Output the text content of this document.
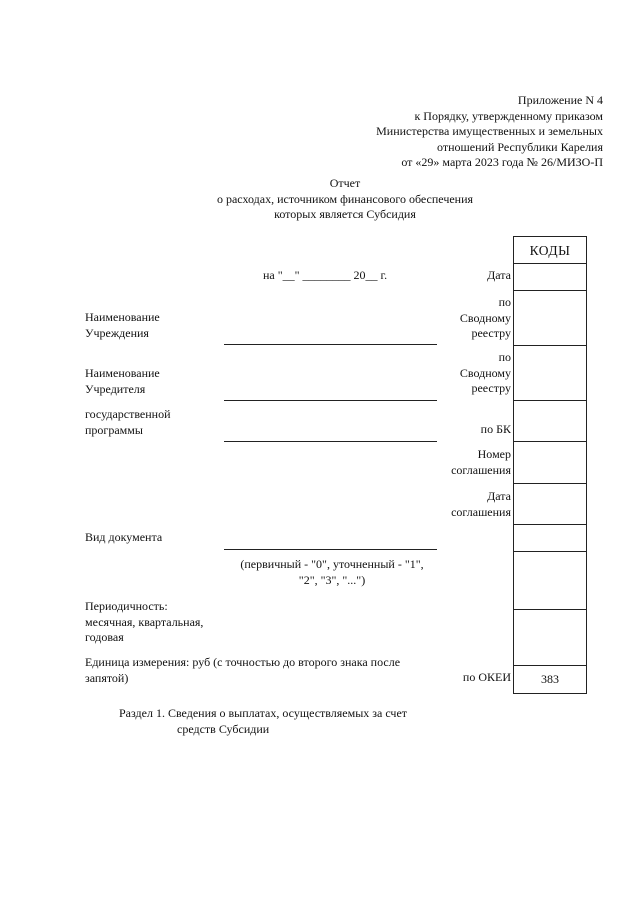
Приложение N 4
к Порядку, утвержденному приказом
Министерства имущественных и земельных
отношений Республики Карелия
от «29» марта 2023 года № 26/МИЗО-П
Отчет
о расходах, источником финансового обеспечения
которых является Субсидия
КОДЫ
383
на "__" ________ 20__ г.	Дата
по
Сводному
реестру
по
Сводному
реестру
по БК
Номер
соглашения
Дата
соглашения
по ОКЕИ
Наименование
Учреждения
Наименование
Учредителя
государственной
программы
Вид документа
(первичный - "0", уточненный - "1",
"2", "3", "...")
Периодичность:
месячная, квартальная,
годовая
Единица измерения: руб (с точностью до второго знака после
запятой)
Раздел 1. Сведения о выплатах, осуществляемых за счет
средств Субсидии
